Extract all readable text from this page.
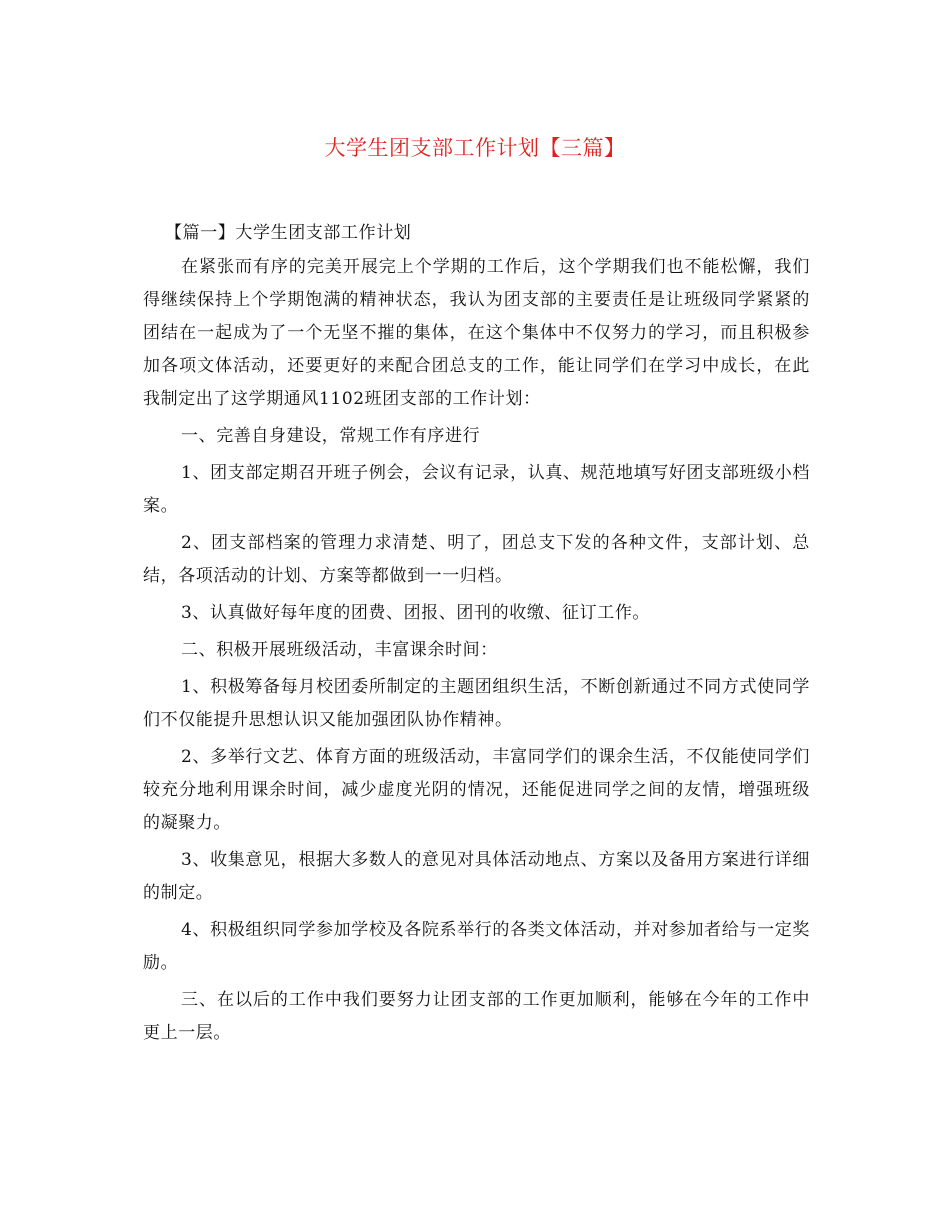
大学生团支部工作计划【三篇】

【篇一】大学生团支部工作计划

在紧张而有序的完美开展完上个学期的工作后，这个学期我们也不能松懈，我们得继续保持上个学期饱满的精神状态，我认为团支部的主要责任是让班级同学紧紧的团结在一起成为了一个无坚不摧的集体，在这个集体中不仅努力的学习，而且积极参加各项文体活动，还要更好的来配合团总支的工作，能让同学们在学习中成长，在此我制定出了这学期通风1102班团支部的工作计划：

一、完善自身建设，常规工作有序进行

1、团支部定期召开班子例会，会议有记录，认真、规范地填写好团支部班级小档案。

2、团支部档案的管理力求清楚、明了，团总支下发的各种文件，支部计划、总结，各项活动的计划、方案等都做到一一归档。

3、认真做好每年度的团费、团报、团刊的收缴、征订工作。

二、积极开展班级活动，丰富课余时间：

1、积极筹备每月校团委所制定的主题团组织生活，不断创新通过不同方式使同学们不仅能提升思想认识又能加强团队协作精神。

2、多举行文艺、体育方面的班级活动，丰富同学们的课余生活，不仅能使同学们较充分地利用课余时间，减少虚度光阴的情况，还能促进同学之间的友情，增强班级的凝聚力。

3、收集意见，根据大多数人的意见对具体活动地点、方案以及备用方案进行详细的制定。

4、积极组织同学参加学校及各院系举行的各类文体活动，并对参加者给与一定奖励。

三、在以后的工作中我们要努力让团支部的工作更加顺利，能够在今年的工作中更上一层。
